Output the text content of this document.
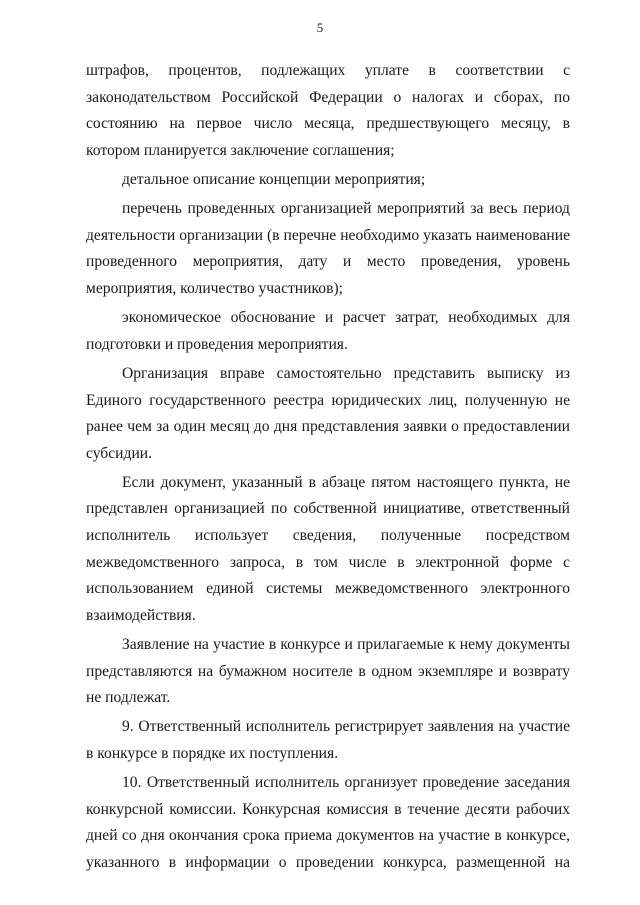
5

штрафов, процентов, подлежащих уплате в соответствии с законодательством Российской Федерации о налогах и сборах, по состоянию на первое число месяца, предшествующего месяцу, в котором планируется заключение соглашения;

детальное описание концепции мероприятия;

перечень проведенных организацией мероприятий за весь период деятельности организации (в перечне необходимо указать наименование проведенного мероприятия, дату и место проведения, уровень мероприятия, количество участников);

экономическое обоснование и расчет затрат, необходимых для подготовки и проведения мероприятия.

Организация вправе самостоятельно представить выписку из Единого государственного реестра юридических лиц, полученную не ранее чем за один месяц до дня представления заявки о предоставлении субсидии.

Если документ, указанный в абзаце пятом настоящего пункта, не представлен организацией по собственной инициативе, ответственный исполнитель использует сведения, полученные посредством межведомственного запроса, в том числе в электронной форме с использованием единой системы межведомственного электронного взаимодействия.

Заявление на участие в конкурсе и прилагаемые к нему документы представляются на бумажном носителе в одном экземпляре и возврату не подлежат.

9. Ответственный исполнитель регистрирует заявления на участие в конкурсе в порядке их поступления.

10. Ответственный исполнитель организует проведение заседания конкурсной комиссии. Конкурсная комиссия в течение десяти рабочих дней со дня окончания срока приема документов на участие в конкурсе, указанного в информации о проведении конкурса, размещенной на
